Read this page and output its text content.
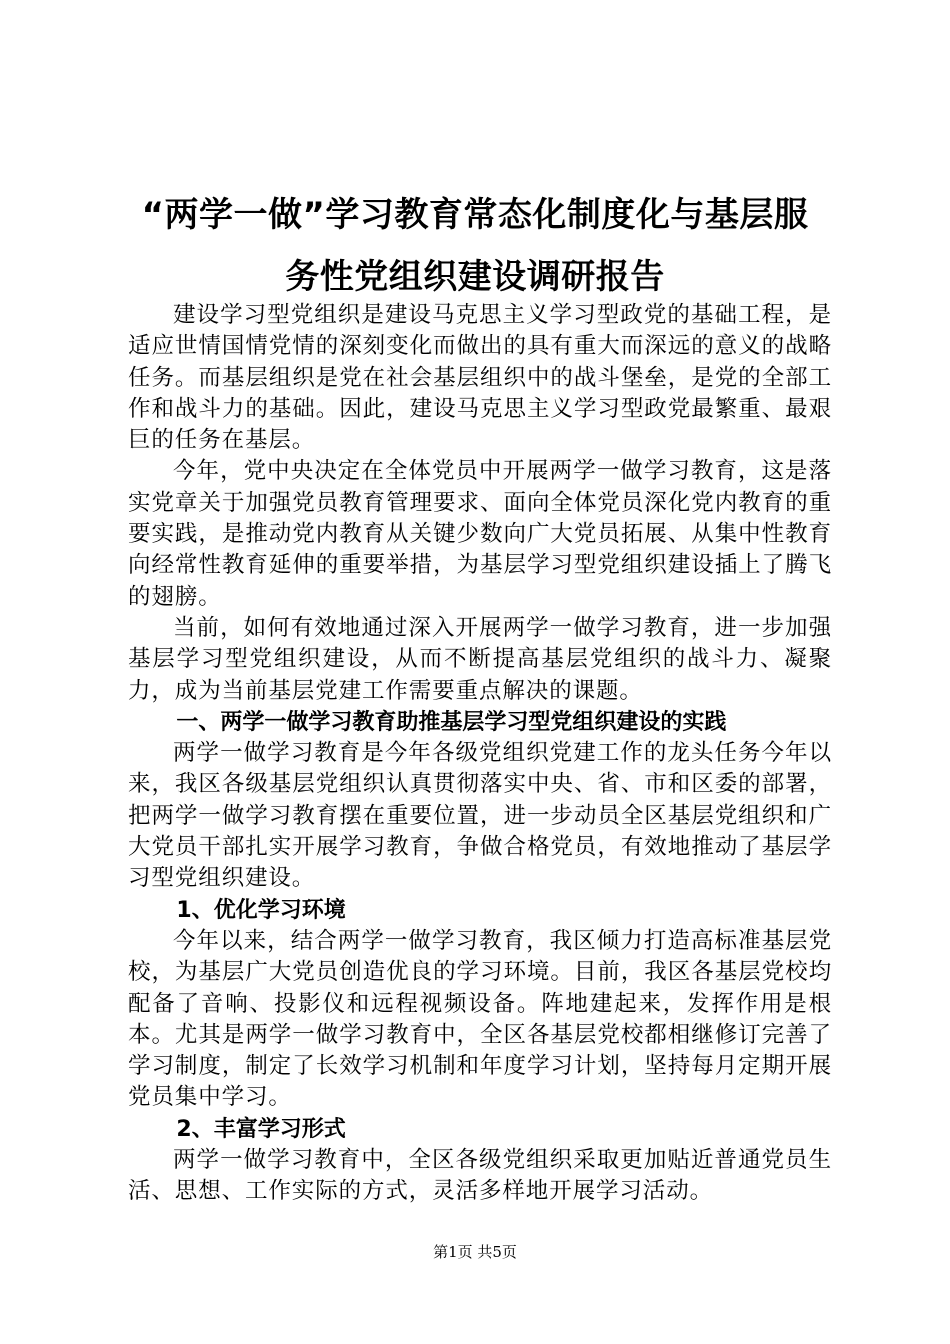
“两学一做”学习教育常态化制度化与基层服
务性党组织建设调研报告

建设学习型党组织是建设马克思主义学习型政党的基础工程，是适应世情国情党情的深刻变化而做出的具有重大而深远的意义的战略任务。而基层组织是党在社会基层组织中的战斗堡垒，是党的全部工作和战斗力的基础。因此，建设马克思主义学习型政党最繁重、最艰巨的任务在基层。

今年，党中央决定在全体党员中开展两学一做学习教育，这是落实党章关于加强党员教育管理要求、面向全体党员深化党内教育的重要实践，是推动党内教育从关键少数向广大党员拓展、从集中性教育向经常性教育延伸的重要举措，为基层学习型党组织建设插上了腾飞的翅膀。

当前，如何有效地通过深入开展两学一做学习教育，进一步加强基层学习型党组织建设，从而不断提高基层党组织的战斗力、凝聚力，成为当前基层党建工作需要重点解决的课题。

一、两学一做学习教育助推基层学习型党组织建设的实践

两学一做学习教育是今年各级党组织党建工作的龙头任务今年以来，我区各级基层党组织认真贯彻落实中央、省、市和区委的部署，把两学一做学习教育摆在重要位置，进一步动员全区基层党组织和广大党员干部扎实开展学习教育，争做合格党员，有效地推动了基层学习型党组织建设。

1、优化学习环境

今年以来，结合两学一做学习教育，我区倾力打造高标准基层党校，为基层广大党员创造优良的学习环境。目前，我区各基层党校均配备了音响、投影仪和远程视频设备。阵地建起来，发挥作用是根本。尤其是两学一做学习教育中，全区各基层党校都相继修订完善了学习制度，制定了长效学习机制和年度学习计划，坚持每月定期开展党员集中学习。

2、丰富学习形式

两学一做学习教育中，全区各级党组织采取更加贴近普通党员生活、思想、工作实际的方式，灵活多样地开展学习活动。

第1页 共5页
